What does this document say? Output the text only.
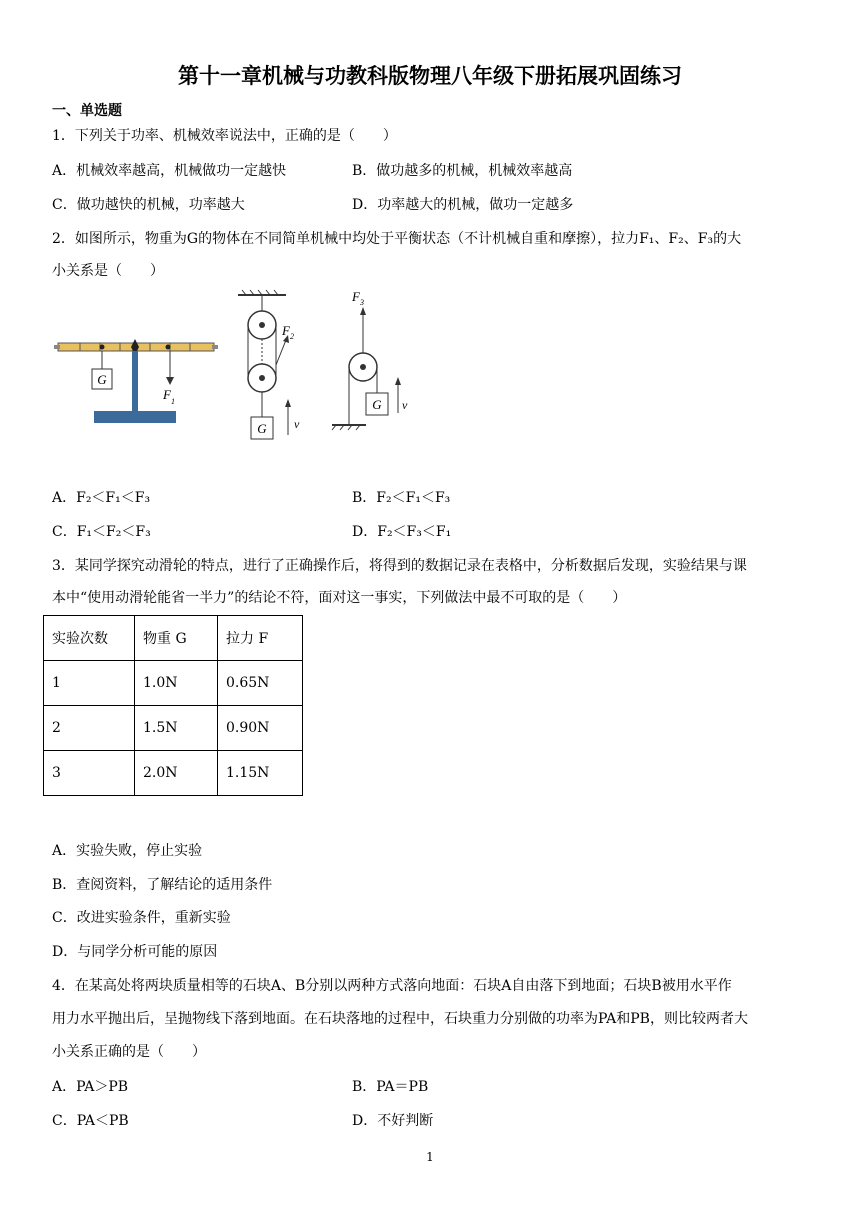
第十一章机械与功教科版物理八年级下册拓展巩固练习
一、单选题
1．下列关于功率、机械效率说法中，正确的是（　　）
A．机械效率越高，机械做功一定越快	B．做功越多的机械，机械效率越高
C．做功越快的机械，功率越大	D．功率越大的机械，做功一定越多
2．如图所示，物重为G的物体在不同简单机械中均处于平衡状态（不计机械自重和摩擦），拉力F₁、F₂、F₃的大
小关系是（　　）
G
F 1
F 2
G v
F 3
G v
A．F₂＜F₁＜F₃	B．F₂＜F₁＜F₃
C．F₁＜F₂＜F₃	D．F₂＜F₃＜F₁
3．某同学探究动滑轮的特点，进行了正确操作后，将得到的数据记录在表格中，分析数据后发现，实验结果与课
本中“使用动滑轮能省一半力”的结论不符，面对这一事实，下列做法中最不可取的是（　　）
实验次数	物重 G	拉力 F
1	1.0N	0.65N
2	1.5N	0.90N
3	2.0N	1.15N
A．实验失败，停止实验
B．查阅资料，了解结论的适用条件
C．改进实验条件，重新实验
D．与同学分析可能的原因
4．在某高处将两块质量相等的石块A、B分别以两种方式落向地面：石块A自由落下到地面；石块B被用水平作
用力水平抛出后，呈抛物线下落到地面。在石块落地的过程中，石块重力分别做的功率为PA和PB，则比较两者大
小关系正确的是（　　）
A．PA＞PB	B．PA＝PB
C．PA＜PB	D．不好判断
1
